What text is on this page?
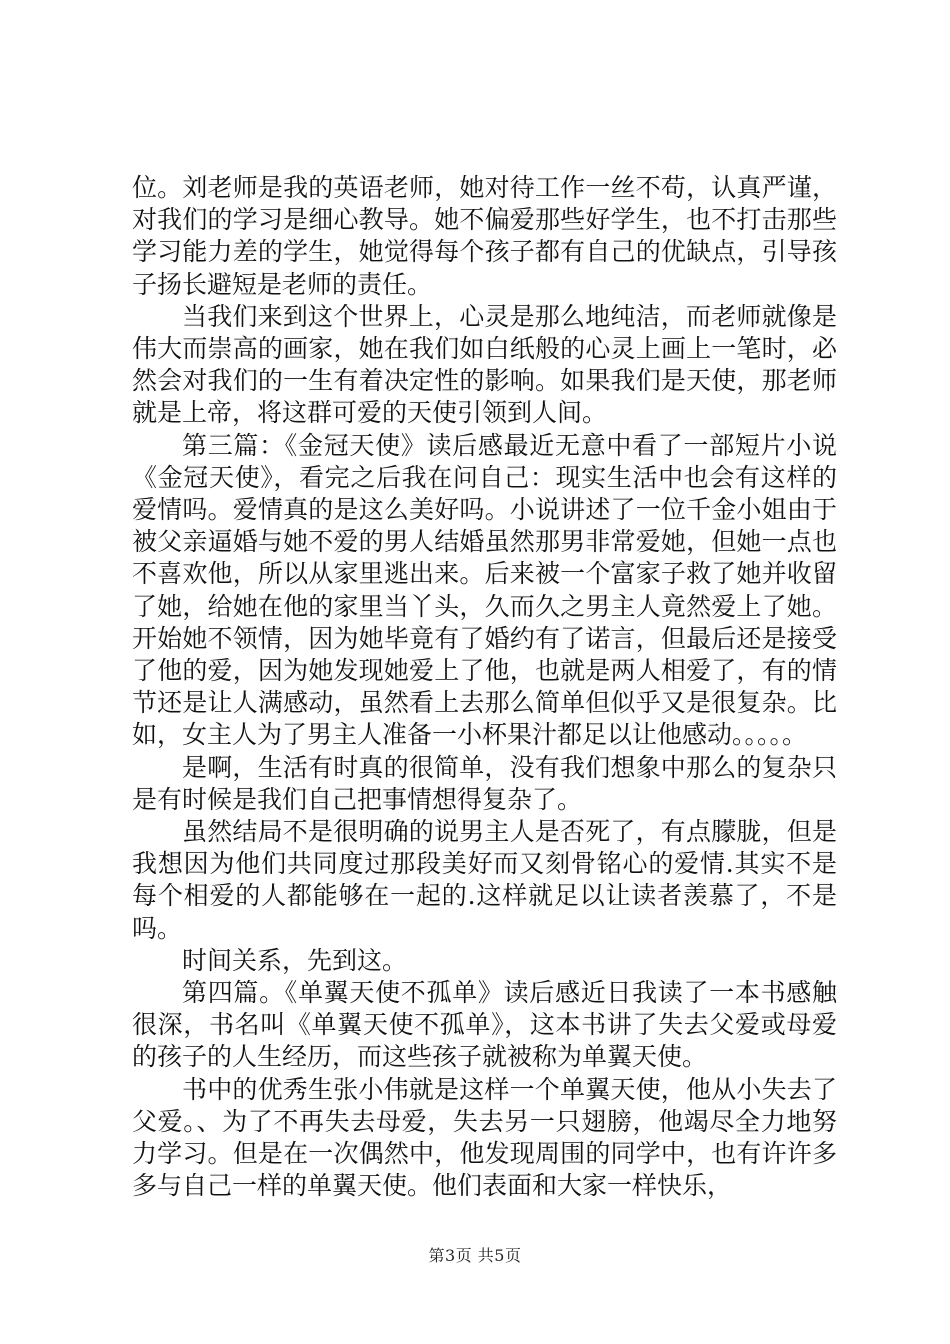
位。刘老师是我的英语老师，她对待工作一丝不苟，认真严谨，对我们的学习是细心教导。她不偏爱那些好学生，也不打击那些学习能力差的学生，她觉得每个孩子都有自己的优缺点，引导孩子扬长避短是老师的责任。

当我们来到这个世界上，心灵是那么地纯洁，而老师就像是伟大而崇高的画家，她在我们如白纸般的心灵上画上一笔时，必然会对我们的一生有着决定性的影响。如果我们是天使，那老师就是上帝，将这群可爱的天使引领到人间。

第三篇：《金冠天使》读后感最近无意中看了一部短片小说《金冠天使》，看完之后我在问自己：现实生活中也会有这样的爱情吗。爱情真的是这么美好吗。小说讲述了一位千金小姐由于被父亲逼婚与她不爱的男人结婚虽然那男非常爱她，但她一点也不喜欢他，所以从家里逃出来。后来被一个富家子救了她并收留了她，给她在他的家里当丫头，久而久之男主人竟然爱上了她。开始她不领情，因为她毕竟有了婚约有了诺言，但最后还是接受了他的爱，因为她发现她爱上了他，也就是两人相爱了，有的情节还是让人满感动，虽然看上去那么简单但似乎又是很复杂。比如，女主人为了男主人准备一小杯果汁都足以让他感动。。。。。

是啊，生活有时真的很简单，没有我们想象中那么的复杂只是有时候是我们自己把事情想得复杂了。

虽然结局不是很明确的说男主人是否死了，有点朦胧，但是我想因为他们共同度过那段美好而又刻骨铭心的爱情.其实不是每个相爱的人都能够在一起的.这样就足以让读者羡慕了，不是吗。

时间关系，先到这。

第四篇。《单翼天使不孤单》读后感近日我读了一本书感触很深，书名叫《单翼天使不孤单》，这本书讲了失去父爱或母爱的孩子的人生经历，而这些孩子就被称为单翼天使。

书中的优秀生张小伟就是这样一个单翼天使，他从小失去了父爱。、为了不再失去母爱，失去另一只翅膀，他竭尽全力地努力学习。但是在一次偶然中，他发现周围的同学中，也有许许多多与自己一样的单翼天使。他们表面和大家一样快乐，

第3页 共5页
